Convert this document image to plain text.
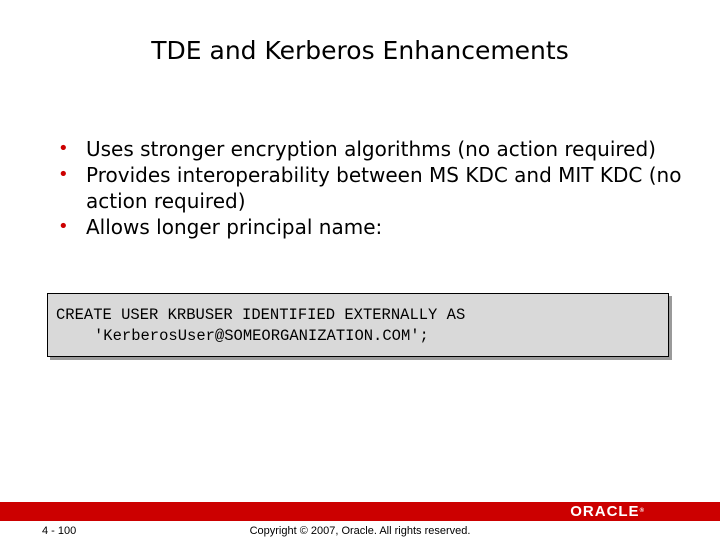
TDE and Kerberos Enhancements
• Uses stronger encryption algorithms (no action required)
• Provides interoperability between MS KDC and MIT KDC (no action required)
• Allows longer principal name:
CREATE USER KRBUSER IDENTIFIED EXTERNALLY AS
'KerberosUser@SOMEORGANIZATION.COM';
ORACLE®
4 - 100	Copyright © 2007, Oracle. All rights reserved.
